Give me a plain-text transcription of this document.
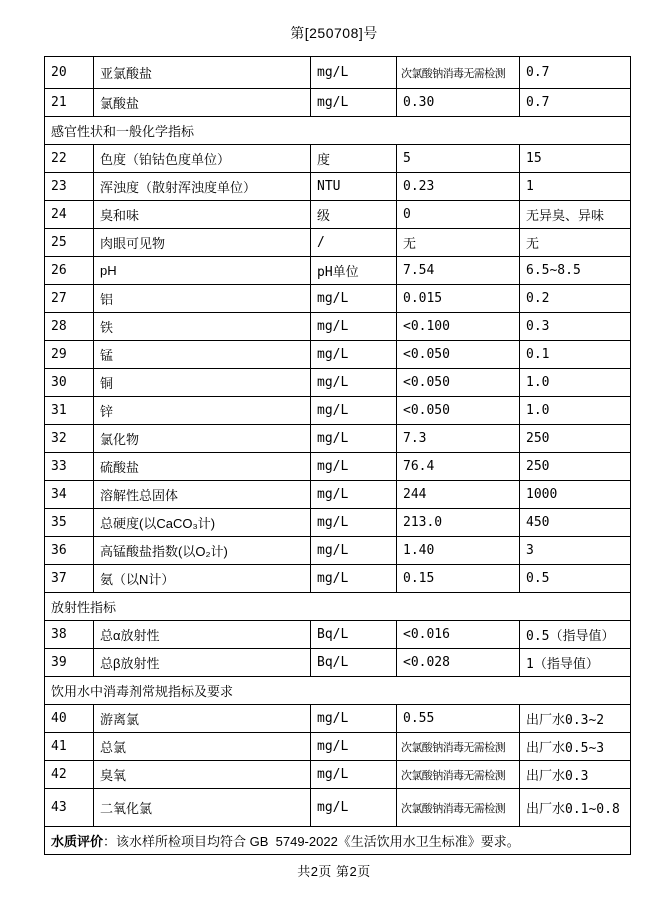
第[250708]号
20	亚氯酸盐	mg/L	次氯酸钠消毒无需检测	0.7
21	氯酸盐	mg/L	0.30	0.7
感官性状和一般化学指标				
22	色度（铂钴色度单位）	度	5	15
23	浑浊度（散射浑浊度单位）	NTU	0.23	1
24	臭和味	级	0	无异臭、异味
25	肉眼可见物	/	无	无
26	pH	pH单位	7.54	6.5~8.5
27	铝	mg/L	0.015	0.2
28	铁	mg/L	<0.100	0.3
29	锰	mg/L	<0.050	0.1
30	铜	mg/L	<0.050	1.0
31	锌	mg/L	<0.050	1.0
32	氯化物	mg/L	7.3	250
33	硫酸盐	mg/L	76.4	250
34	溶解性总固体	mg/L	244	1000
35	总硬度(以CaCO₃计)	mg/L	213.0	450
36	高锰酸盐指数(以O₂计)	mg/L	1.40	3
37	氨（以N计）	mg/L	0.15	0.5
放射性指标				
38	总α放射性	Bq/L	<0.016	0.5（指导值）
39	总β放射性	Bq/L	<0.028	1（指导值）
饮用水中消毒剂常规指标及要求				
40	游离氯	mg/L	0.55	出厂水0.3~2
41	总氯	mg/L	次氯酸钠消毒无需检测	出厂水0.5~3
42	臭氧	mg/L	次氯酸钠消毒无需检测	出厂水0.3
43	二氧化氯	mg/L	次氯酸钠消毒无需检测	出厂水0.1~0.8
水质评价：该水样所检项目均符合 GB  5749-2022《生活饮用水卫生标准》要求。				
共2页 第2页
